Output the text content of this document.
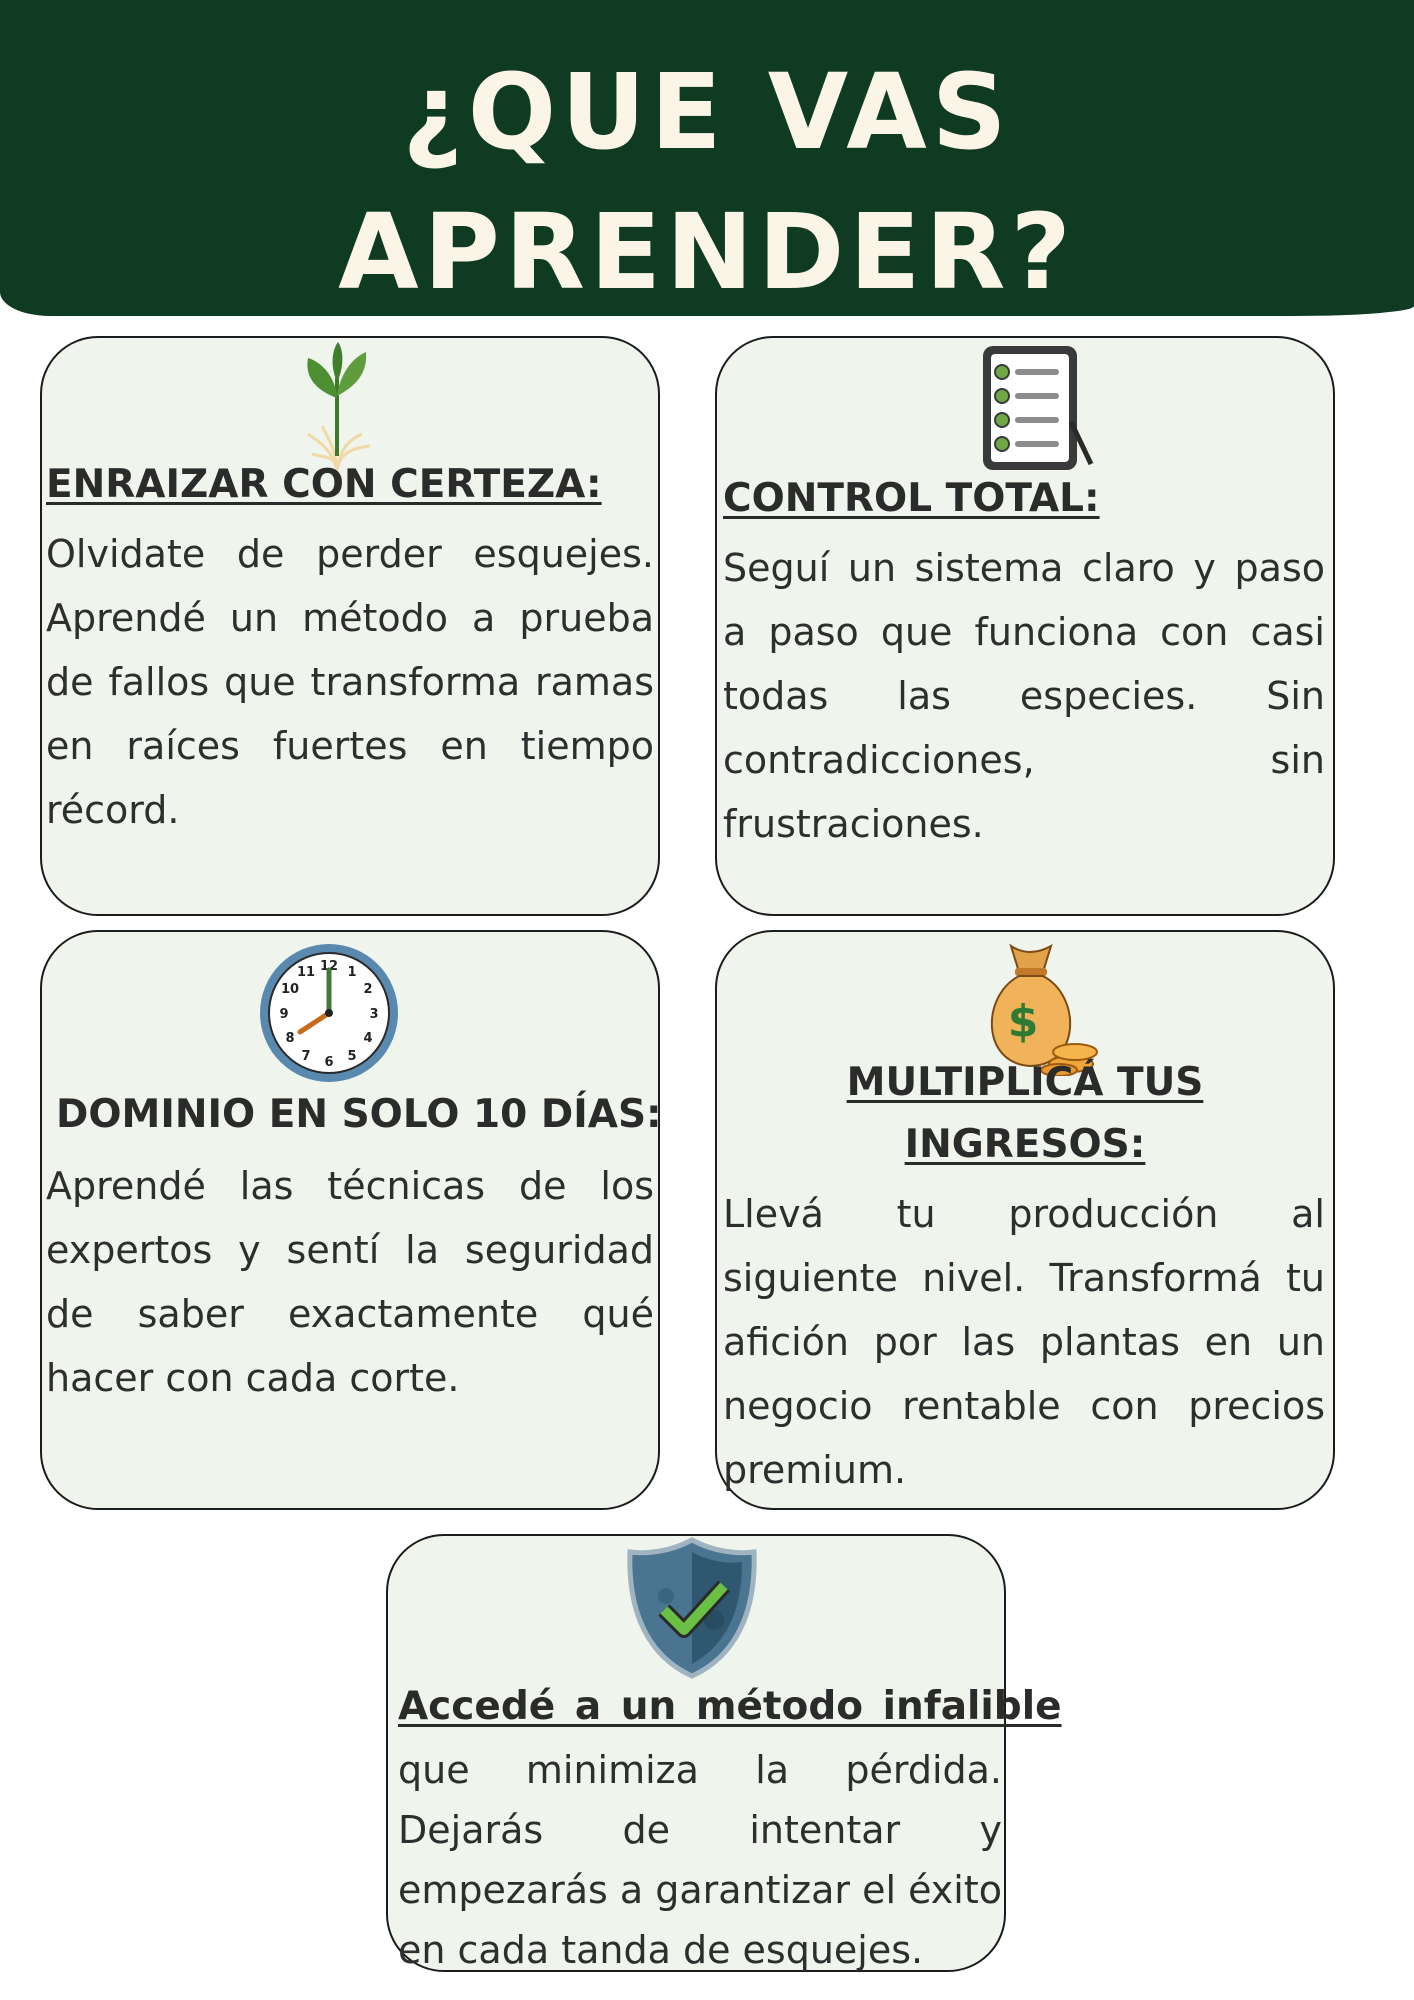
¿QUE VAS
APRENDER?
ENRAIZAR CON CERTEZA:

Olvidate de perder esquejes. Aprendé un método a prueba de fallos que transforma ramas en raíces fuertes en tiempo récord.

CONTROL TOTAL:

Seguí un sistema claro y paso a paso que funciona con casi todas las especies. Sin contradicciones, sin frustraciones.

12 1
2
3
4
5
6
7
8
9
10
11
DOMINIO EN SOLO 10 DÍAS:

Aprendé las técnicas de los expertos y sentí la seguridad de saber exactamente qué hacer con cada corte.

$
MULTIPLICÁ TUS
INGRESOS:

Llevá tu producción al siguiente nivel. Transformá tu afición por las plantas en un negocio rentable con precios premium.

Accedé a un método infalible

que minimiza la pérdida. Dejarás de intentar y empezarás a garantizar el éxito en cada tanda de esquejes.
